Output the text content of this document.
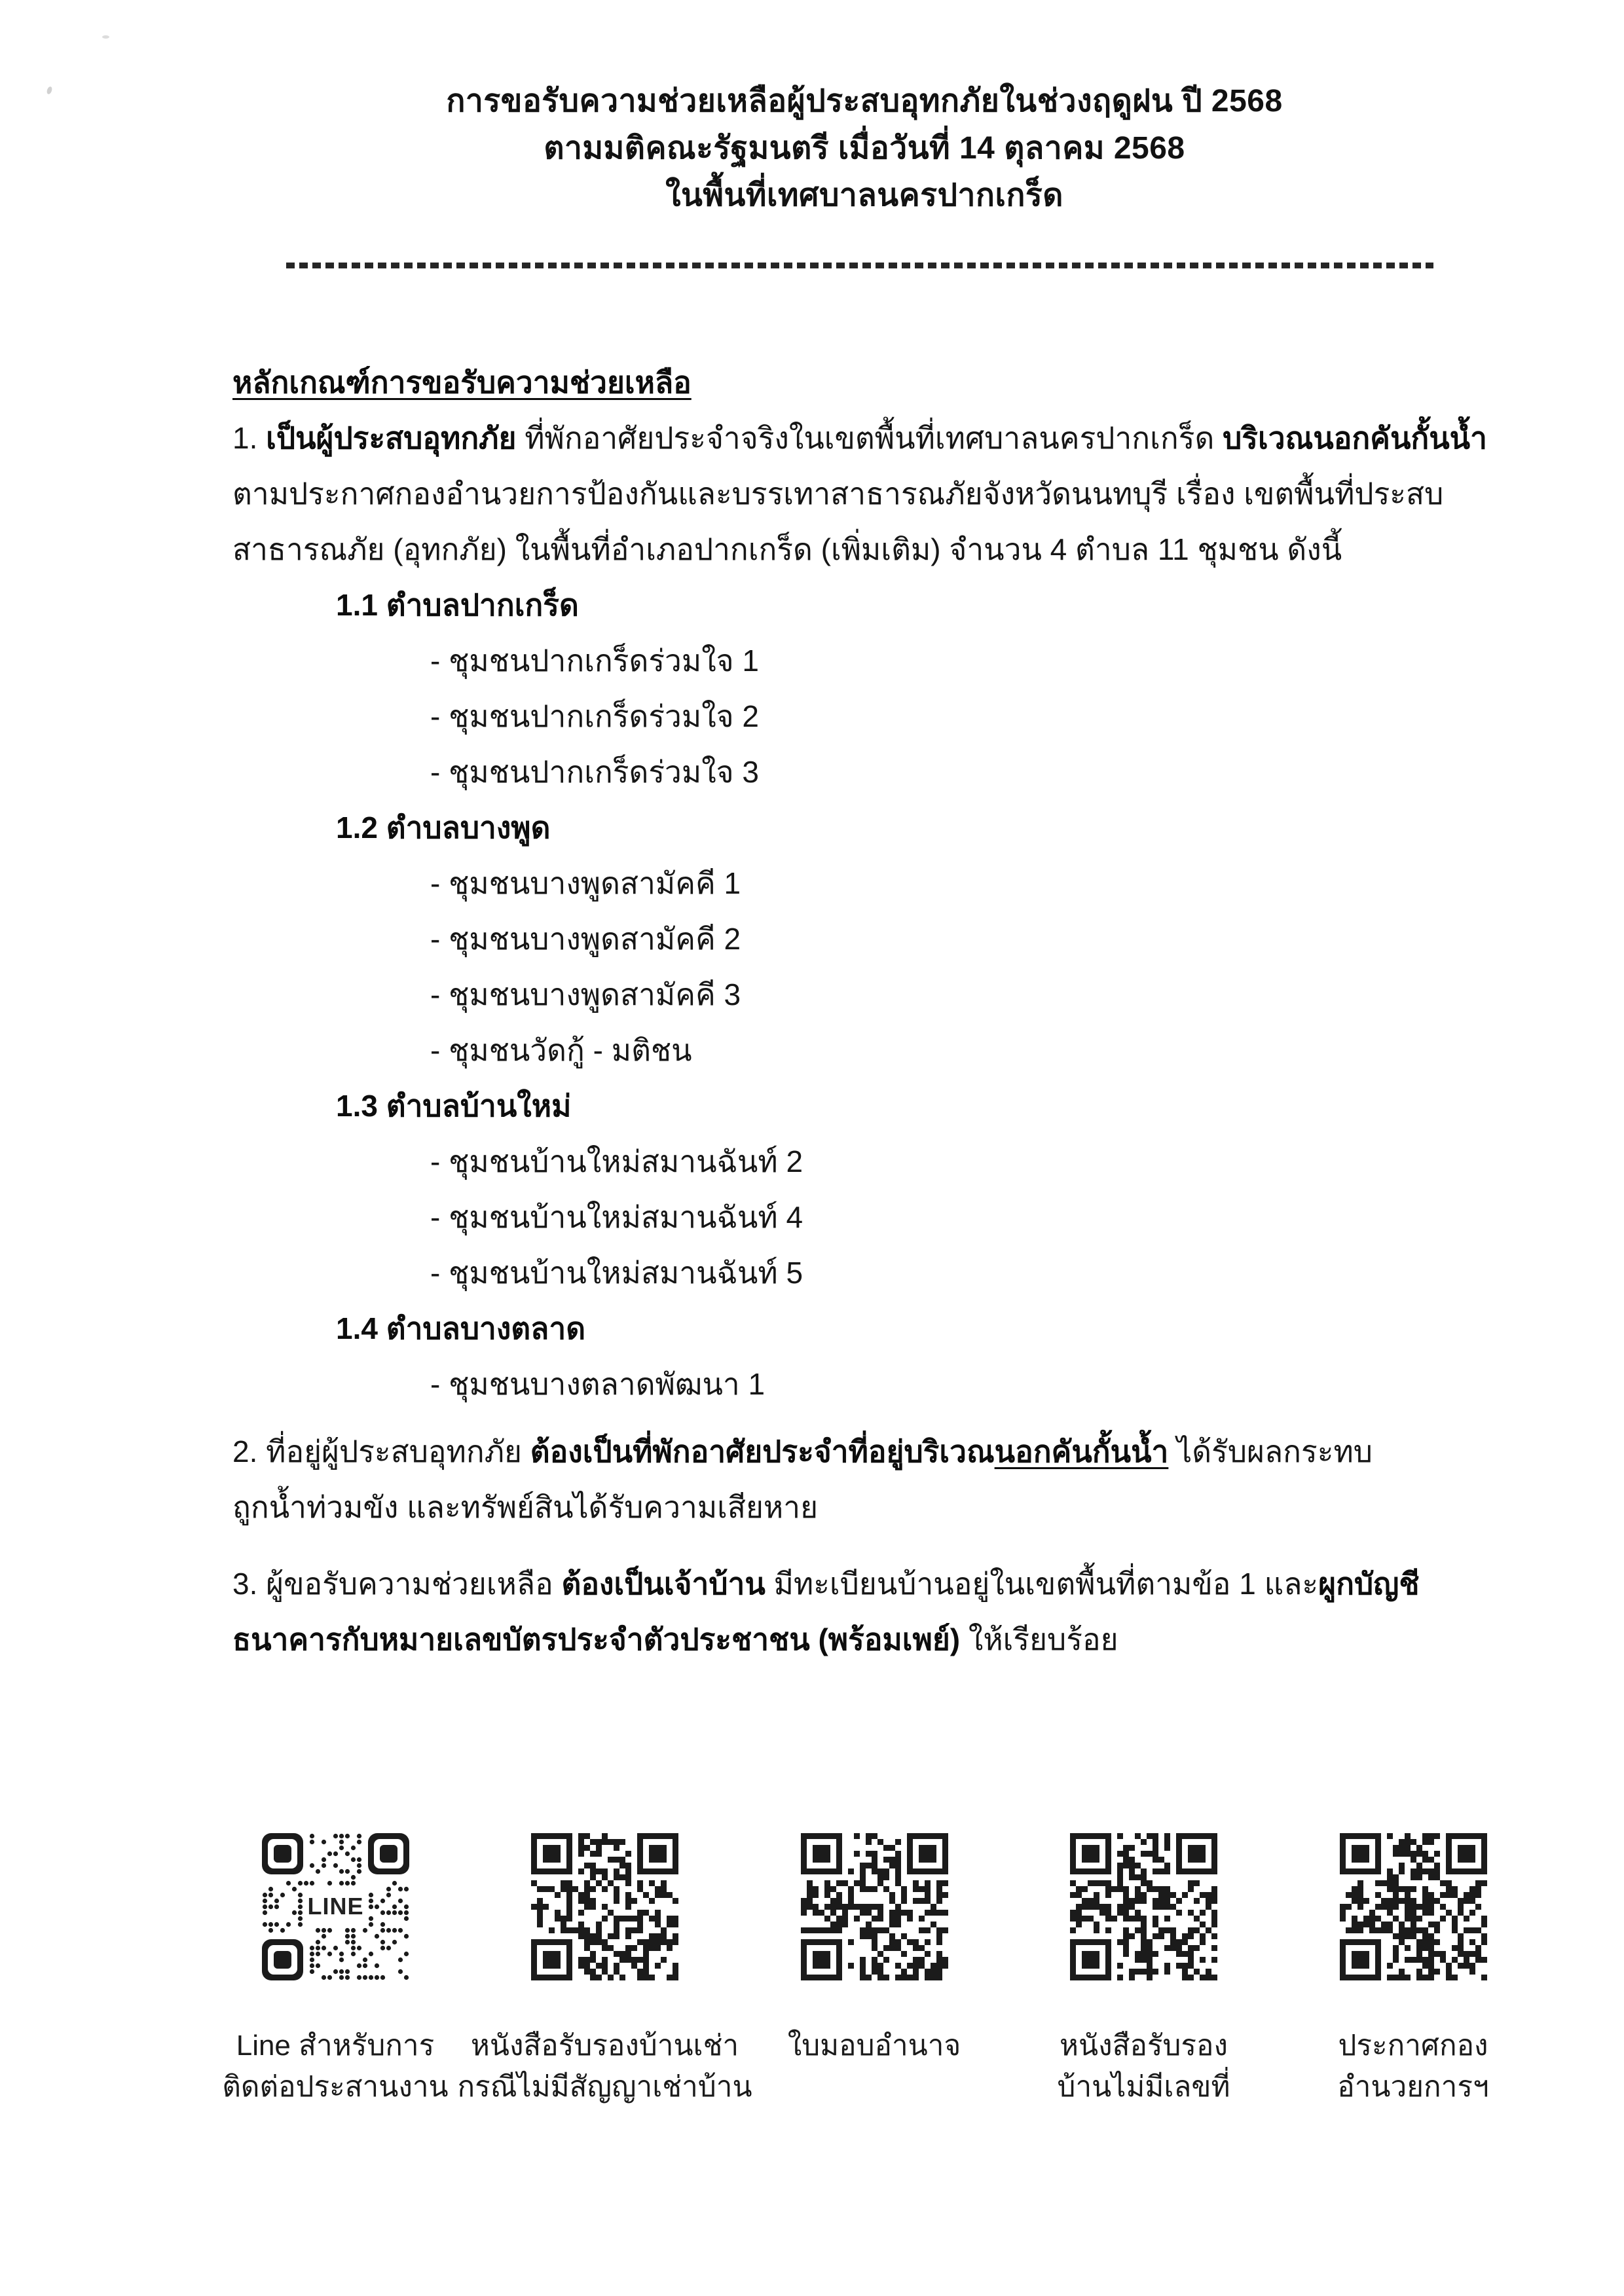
การขอรับความช่วยเหลือผู้ประสบอุทกภัยในช่วงฤดูฝน ปี 2568
ตามมติคณะรัฐมนตรี เมื่อวันที่ 14 ตุลาคม 2568
ในพื้นที่เทศบาลนครปากเกร็ด
หลักเกณฑ์การขอรับความช่วยเหลือ
1. เป็นผู้ประสบอุทกภัย ที่พักอาศัยประจำจริงในเขตพื้นที่เทศบาลนครปากเกร็ด บริเวณนอกคันกั้นน้ำ
ตามประกาศกองอำนวยการป้องกันและบรรเทาสาธารณภัยจังหวัดนนทบุรี เรื่อง เขตพื้นที่ประสบ
สาธารณภัย (อุทกภัย) ในพื้นที่อำเภอปากเกร็ด (เพิ่มเติม) จำนวน 4 ตำบล 11 ชุมชน ดังนี้
1.1 ตำบลปากเกร็ด
- ชุมชนปากเกร็ดร่วมใจ 1
- ชุมชนปากเกร็ดร่วมใจ 2
- ชุมชนปากเกร็ดร่วมใจ 3
1.2 ตำบลบางพูด
- ชุมชนบางพูดสามัคคี 1
- ชุมชนบางพูดสามัคคี 2
- ชุมชนบางพูดสามัคคี 3
- ชุมชนวัดกู้ - มติชน
1.3 ตำบลบ้านใหม่
- ชุมชนบ้านใหม่สมานฉันท์ 2
- ชุมชนบ้านใหม่สมานฉันท์ 4
- ชุมชนบ้านใหม่สมานฉันท์ 5
1.4 ตำบลบางตลาด
- ชุมชนบางตลาดพัฒนา 1
2. ที่อยู่ผู้ประสบอุทกภัย ต้องเป็นที่พักอาศัยประจำที่อยู่บริเวณนอกคันกั้นน้ำ ได้รับผลกระทบ
ถูกน้ำท่วมขัง และทรัพย์สินได้รับความเสียหาย
3. ผู้ขอรับความช่วยเหลือ ต้องเป็นเจ้าบ้าน มีทะเบียนบ้านอยู่ในเขตพื้นที่ตามข้อ 1 และผูกบัญชี
ธนาคารกับหมายเลขบัตรประจำตัวประชาชน (พร้อมเพย์) ให้เรียบร้อย
LINE
Line สำหรับการ
ติดต่อประสานงาน
หนังสือรับรองบ้านเช่า
กรณีไม่มีสัญญาเช่าบ้าน
ใบมอบอำนาจ	หนังสือรับรอง
บ้านไม่มีเลขที่
ประกาศกอง
อำนวยการฯ
